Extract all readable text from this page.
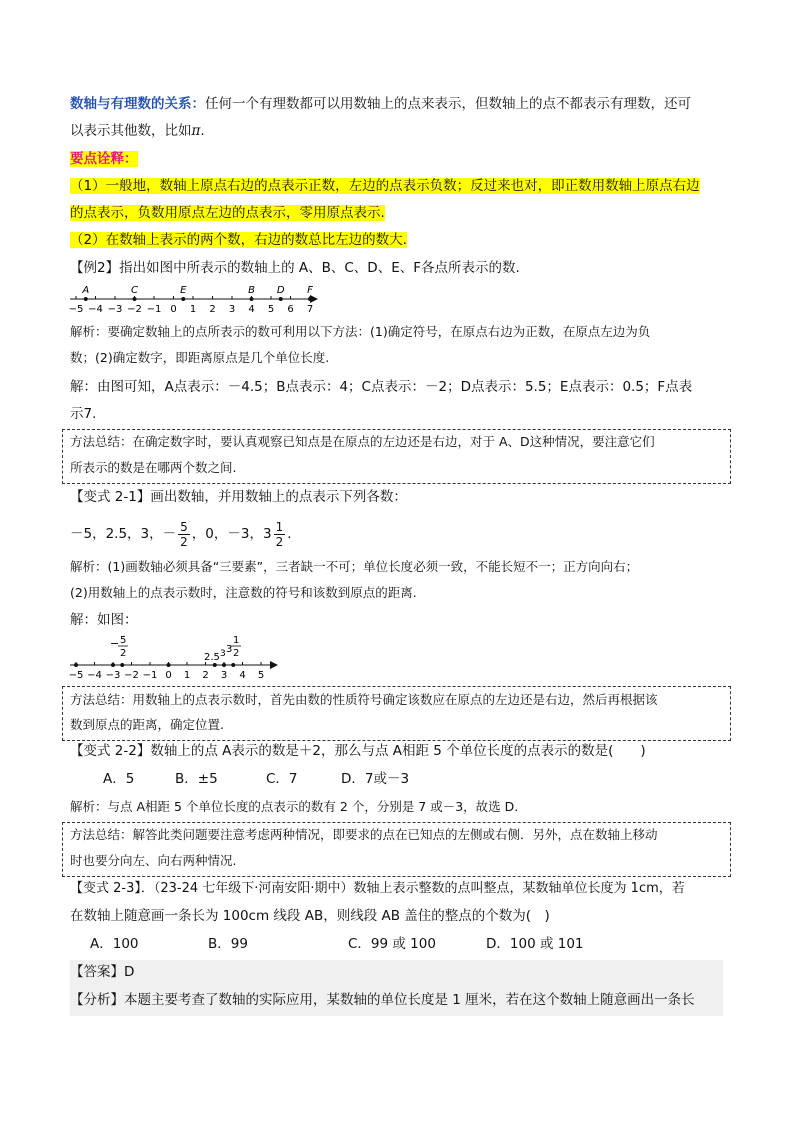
数轴与有理数的关系：任何一个有理数都可以用数轴上的点来表示，但数轴上的点不都表示有理数，还可
以表示其他数，比如π.
要点诠释：
（1）一般地，数轴上原点右边的点表示正数，左边的点表示负数；反过来也对，即正数用数轴上原点右边
的点表示，负数用原点左边的点表示，零用原点表示.
（2）在数轴上表示的两个数，右边的数总比左边的数大.
【例2】指出如图中所表示的数轴上的 A、B、C、D、E、F各点所表示的数.
−5 −4 −3 −2 −1 0 1 2 3 4 5 6 7
A	C	E	B D F
解析：要确定数轴上的点所表示的数可利用以下方法：(1)确定符号，在原点右边为正数，在原点左边为负
数；(2)确定数字，即距离原点是几个单位长度.
解：由图可知，A点表示：－4.5；B点表示：4；C点表示：－2；D点表示：5.5；E点表示：0.5；F点表
示7.
方法总结：在确定数字时，要认真观察已知点是在原点的左边还是右边，对于 A、D这种情况，要注意它们
所表示的数是在哪两个数之间.
【变式 2-1】画出数轴，并用数轴上的点表示下列各数：
－5，2.5，3，－ $\frac{5}{2}$ ，0，－3，$3 \frac{1}{2}$ .
解析：(1)画数轴必须具备“三要素”，三者缺一不可；单位长度必须一致，不能长短不一；正方向向右；
(2)用数轴上的点表示数时，注意数的符号和该数到原点的距离.
解：如图：
−5 −4 −3 −2 −1 0 1 2 3 4 5
− 5
2	2.5 3 3
1
2
方法总结：用数轴上的点表示数时，首先由数的性质符号确定该数应在原点的左边还是右边，然后再根据该
数到原点的距离，确定位置.
【变式 2-2】数轴上的点 A表示的数是＋2，那么与点 A相距 5 个单位长度的点表示的数是(　　)
A．5	B．±5	C．7	D．7或－3
解析：与点 A相距 5 个单位长度的点表示的数有 2 个，分别是 7 或－3，故选 D.
方法总结：解答此类问题要注意考虑两种情况，即要求的点在已知点的左侧或右侧．另外，点在数轴上移动
时也要分向左、向右两种情况.
【变式 2-3】．（23-24 七年级下·河南安阳·期中）数轴上表示整数的点叫整点，某数轴单位长度为 1cm，若
在数轴上随意画一条长为 100cm 线段 AB，则线段 AB 盖住的整点的个数为(　)
A．100	B．99	C．99 或 100	D．100 或 101
【答案】D
【分析】本题主要考查了数轴的实际应用，某数轴的单位长度是 1 厘米，若在这个数轴上随意画出一条长
